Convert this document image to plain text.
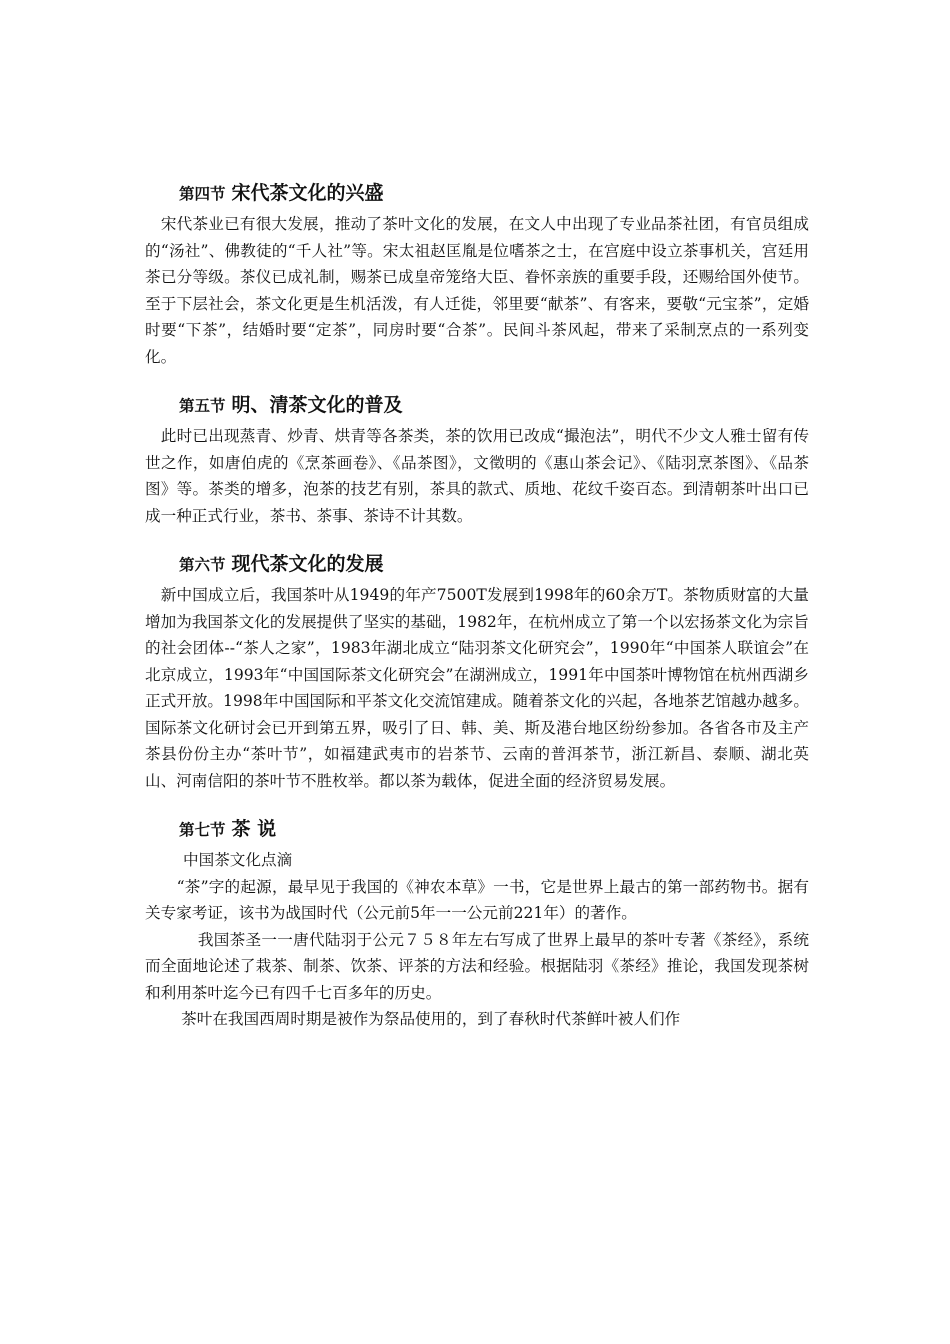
第四节 宋代茶文化的兴盛

　宋代茶业已有很大发展，推动了茶叶文化的发展，在文人中出现了专业品茶社团，有官员组成的“汤社”、佛教徒的“千人社”等。宋太祖赵匡胤是位嗜茶之士，在宫庭中设立茶事机关，宫廷用茶已分等级。茶仪已成礼制，赐茶已成皇帝笼络大臣、眷怀亲族的重要手段，还赐给国外使节。至于下层社会，茶文化更是生机活泼，有人迁徙，邻里要“献茶”、有客来，要敬“元宝茶”，定婚时要“下茶”，结婚时要“定茶”，同房时要“合茶”。民间斗茶风起，带来了采制烹点的一系列变化。

第五节 明、清茶文化的普及

　此时已出现蒸青、炒青、烘青等各茶类，茶的饮用已改成“撮泡法”，明代不少文人雅士留有传世之作，如唐伯虎的《烹茶画卷》、《品茶图》，文徵明的《惠山茶会记》、《陆羽烹茶图》、《品茶图》等。茶类的增多，泡茶的技艺有别，茶具的款式、质地、花纹千姿百态。到清朝茶叶出口已成一种正式行业，茶书、茶事、茶诗不计其数。

第六节 现代茶文化的发展

　新中国成立后，我国茶叶从1949的年产7500T发展到1998年的60余万T。茶物质财富的大量增加为我国茶文化的发展提供了坚实的基础，1982年，在杭州成立了第一个以宏扬茶文化为宗旨的社会团体--“茶人之家”，1983年湖北成立“陆羽茶文化研究会”，1990年“中国茶人联谊会”在北京成立，1993年“中国国际茶文化研究会”在湖洲成立，1991年中国茶叶博物馆在杭州西湖乡正式开放。1998年中国国际和平茶文化交流馆建成。随着茶文化的兴起，各地茶艺馆越办越多。国际茶文化研讨会已开到第五界，吸引了日、韩、美、斯及港台地区纷纷参加。各省各市及主产茶县份份主办“茶叶节”，如福建武夷市的岩茶节、云南的普洱茶节，浙江新昌、泰顺、湖北英山、河南信阳的茶叶节不胜枚举。都以茶为载体，促进全面的经济贸易发展。

第七节 茶 说

中国茶文化点滴

　　“茶”字的起源，最早见于我国的《神农本草》一书，它是世界上最古的第一部药物书。据有关专家考证，该书为战国时代（公元前5年一一公元前221年）的著作。

　　　 我国茶圣一一唐代陆羽于公元７５８年左右写成了世界上最早的茶叶专著《茶经》，系统而全面地论述了栽茶、制茶、饮茶、评茶的方法和经验。根据陆羽《茶经》推论，我国发现茶树和利用茶叶迄今已有四千七百多年的历史。

　　 茶叶在我国西周时期是被作为祭品使用的，到了春秋时代茶鲜叶被人们作
